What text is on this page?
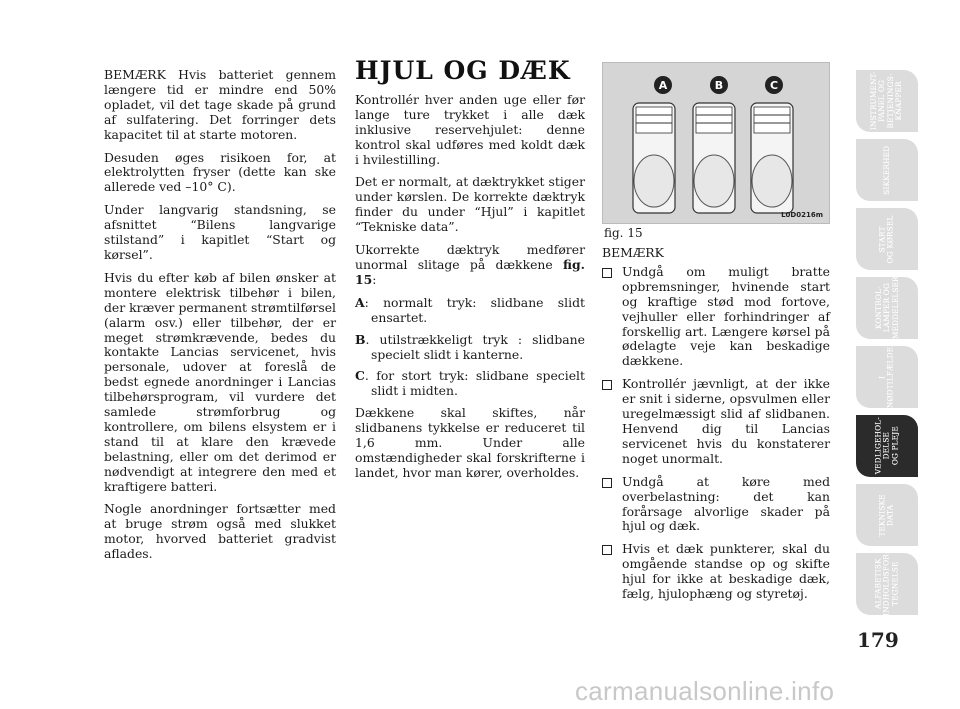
BEMÆRK Hvis batteriet gennem længere tid er mindre end 50% opladet, vil det tage skade på grund af sulfatering. Det forringer dets kapacitet til at starte motoren.

Desuden øges risikoen for, at elektrolytten fryser (dette kan ske allerede ved –10° C).

Under langvarig standsning, se afsnittet “Bilens langvarige stilstand” i kapitlet “Start og kørsel”.

Hvis du efter køb af bilen ønsker at montere elektrisk tilbehør i bilen, der kræver permanent strømtilførsel (alarm osv.) eller tilbehør, der er meget strømkrævende, bedes du kontakte Lancias servicenet, hvis personale, udover at foreslå de bedst egnede anordninger i Lancias tilbehørsprogram, vil vurdere det samlede strømforbrug og kontrollere, om bilens elsystem er i stand til at klare den krævede belastning, eller om det derimod er nødvendigt at integrere den med et kraftigere batteri.

Nogle anordninger fortsætter med at bruge strøm også med slukket motor, hvorved batteriet gradvist aflades.

HJUL OG DÆK

Kontrollér hver anden uge eller før lange ture trykket i alle dæk inklusive reservehjulet: denne kontrol skal udføres med koldt dæk i hvilestilling.

Det er normalt, at dæktrykket stiger under kørslen. De korrekte dæktryk finder du under “Hjul” i kapitlet “Tekniske data”.

Ukorrekte dæktryk medfører unormal slitage på dækkene fig. 15:

A: normalt tryk: slidbane slidt ensartet.
B. utilstrækkeligt tryk : slidbane specielt slidt i kanterne.
C. for stort tryk: slidbane specielt slidt i midten.

Dækkene skal skiftes, når slidbanens tykkelse er reduceret til 1,6 mm. Under alle omstændigheder skal forskrifterne i landet, hvor man kører, overholdes.

A	B	C
L0D0216m
fig. 15
BEMÆRK
Undgå om muligt bratte opbremsninger, hvinende start og kraftige stød mod fortove, vejhuller eller forhindringer af forskellig art. Længere kørsel på ødelagte veje kan beskadige dækkene.
Kontrollér jævnligt, at der ikke er snit i siderne, opsvulmen eller uregelmæssigt slid af slidbanen. Henvend dig til Lancias servicenet hvis du konstaterer noget unormalt.
Undgå at køre med overbelastning: det kan forårsage alvorlige skader på hjul og dæk.
Hvis et dæk punkterer, skal du omgående standse op og skifte hjul for ikke at beskadige dæk, fælg, hjulophæng og styretøj.
INSTRUMENT-
PANEL OG
BETJENINGS-
KNAPPER
SIKKERHED
START
OG KØRSEL
KONTROL-
LAMPER OG
MEDDELELSER
I
NØDTILFÆLDE
VEDLIGEHOL-
DELSE
OG PLEJE
TEKNISKE
DATA
ALFABETISK
INDHOLDSFOR-
TEGNELSE
179
carmanualsonline.info
